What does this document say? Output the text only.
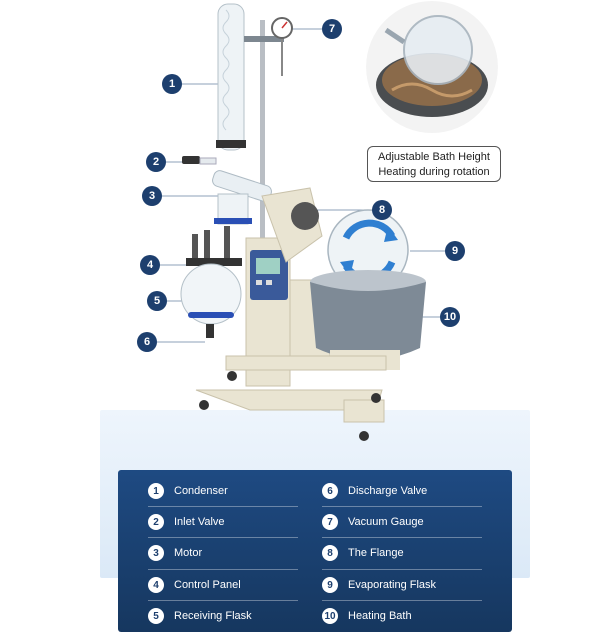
Adjustable Bath Height
Heating during rotation
1
2
3
4
5
6
7
8
9
10
1	Condenser
2	Inlet Valve
3	Motor
4	Control Panel
5	Receiving Flask
6	Discharge Valve
7	Vacuum Gauge
8	The Flange
9	Evaporating Flask
10 Heating Bath
